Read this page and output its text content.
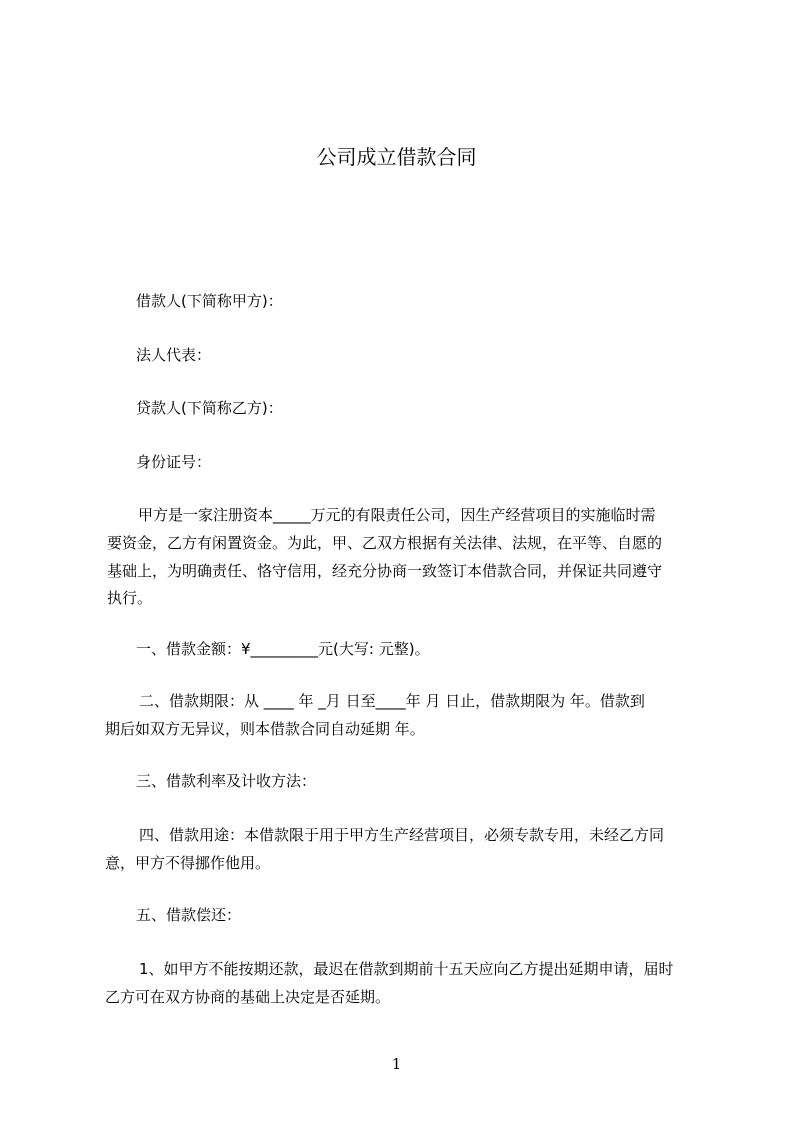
公司成立借款合同
借款人(下简称甲方)：
法人代表：
贷款人(下简称乙方)：
身份证号：
甲方是一家注册资本_____万元的有限责任公司，因生产经营项目的实施临时需
要资金，乙方有闲置资金。为此，甲、乙双方根据有关法律、法规，在平等、自愿的
基础上，为明确责任、恪守信用，经充分协商一致签订本借款合同，并保证共同遵守
执行。
一、借款金额：¥_________元(大写: 元整)。
二、借款期限：从 ____ 年 _月 日至____年 月 日止，借款期限为 年。借款到
期后如双方无异议，则本借款合同自动延期 年。
三、借款利率及计收方法：
四、借款用途：本借款限于用于甲方生产经营项目，必须专款专用，未经乙方同
意，甲方不得挪作他用。
五、借款偿还：
1、如甲方不能按期还款，最迟在借款到期前十五天应向乙方提出延期申请，届时
乙方可在双方协商的基础上决定是否延期。
1
